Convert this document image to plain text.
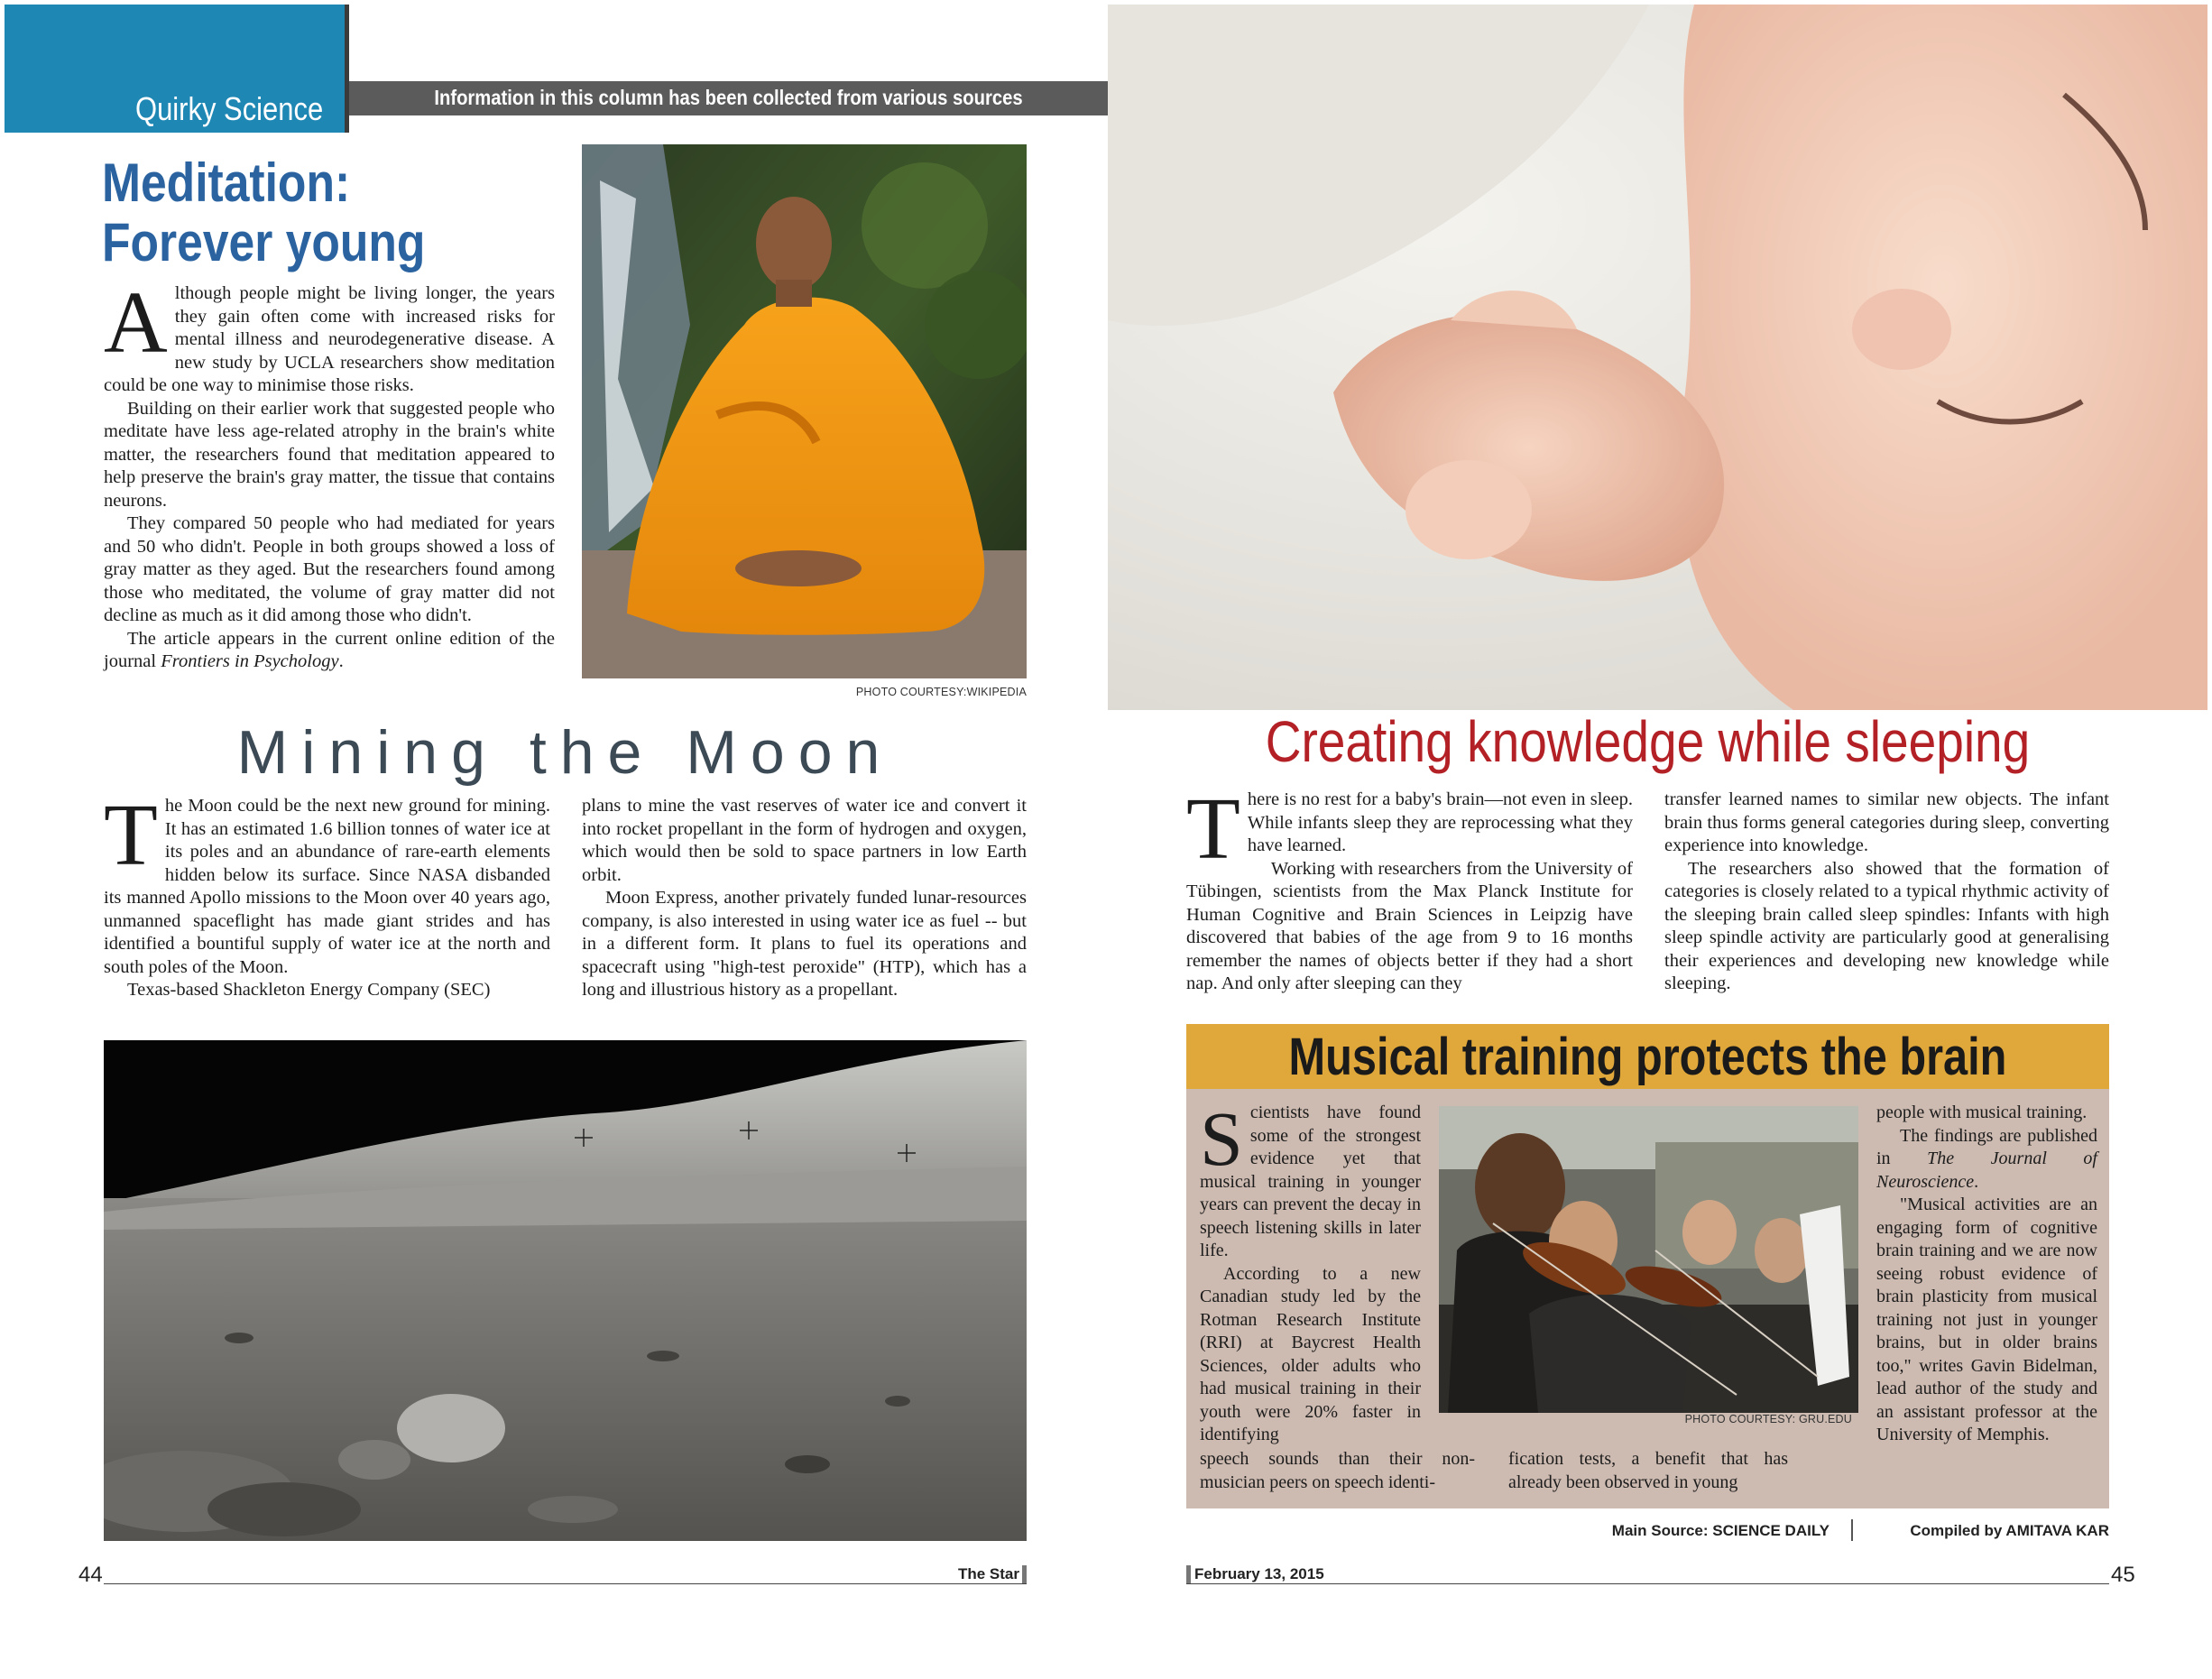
Quirky Science	Information in this column has been collected from various sources
Meditation:
Forever young
A lthough people might be living longer, the years they gain often come with increased risks for mental illness and neurodegenerative disease. A new study by UCLA researchers show meditation could be one way to minimise those risks.

Building on their earlier work that suggested people who meditate have less age-related atrophy in the brain's white matter, the researchers found that meditation appeared to help preserve the brain's gray matter, the tissue that contains neurons.

They compared 50 people who had mediated for years and 50 who didn't. People in both groups showed a loss of gray matter as they aged. But the researchers found among those who meditated, the volume of gray matter did not decline as much as it did among those who didn't.

The article appears in the current online edition of the journal Frontiers in Psychology.

PHOTO COURTESY:WIKIPEDIA
Mining the Moon
T he Moon could be the next new ground for mining. It has an estimated 1.6 billion tonnes of water ice at its poles and an abundance of rare-earth elements hidden below its surface. Since NASA disbanded its manned Apollo missions to the Moon over 40 years ago, unmanned spaceflight has made giant strides and has identified a bountiful supply of water ice at the north and south poles of the Moon.

Texas-based Shackleton Energy Company (SEC)

plans to mine the vast reserves of water ice and convert it into rocket propellant in the form of hydrogen and oxygen, which would then be sold to space partners in low Earth orbit.

Moon Express, another privately funded lunar-resources company, is also interested in using water ice as fuel -- but in a different form. It plans to fuel its operations and spacecraft using "high-test peroxide" (HTP), which has a long and illustrious history as a propellant.

44	The Star
Creating knowledge while sleeping
T here is no rest for a baby's brain—not even in sleep. While infants sleep they are reprocessing what they have learned.

Working with researchers from the University of Tübingen, scientists from the Max Planck Institute for Human Cognitive and Brain Sciences in Leipzig have discovered that babies of the age from 9 to 16 months remember the names of objects better if they had a short nap. And only after sleeping can they

transfer learned names to similar new objects. The infant brain thus forms general categories during sleep, converting experience into knowledge.

The researchers also showed that the formation of categories is closely related to a typical rhythmic activity of the sleeping brain called sleep spindles: Infants with high sleep spindle activity are particularly good at generalising their experiences and developing new knowledge while sleeping.

Musical training protects the brain
S cientists have found some of the strongest evidence yet that musical training in younger years can prevent the decay in speech listening skills in later life.

According to a new Canadian study led by the Rotman Research Institute (RRI) at Baycrest Health Sciences, older adults who had musical training in their youth were 20% faster in identifying

speech sounds than their non-musician peers on speech identi-

fication tests, a benefit that has already been observed in young

PHOTO COURTESY: GRU.EDU

people with musical training.

The findings are published in The Journal of Neuroscience.

"Musical activities are an engaging form of cognitive brain training and we are now seeing robust evidence of brain plasticity from musical training not just in younger brains, but in older brains too," writes Gavin Bidelman, lead author of the study and an assistant professor at the University of Memphis.

Main Source: SCIENCE DAILY	Compiled by AMITAVA KAR
February 13, 2015	45
